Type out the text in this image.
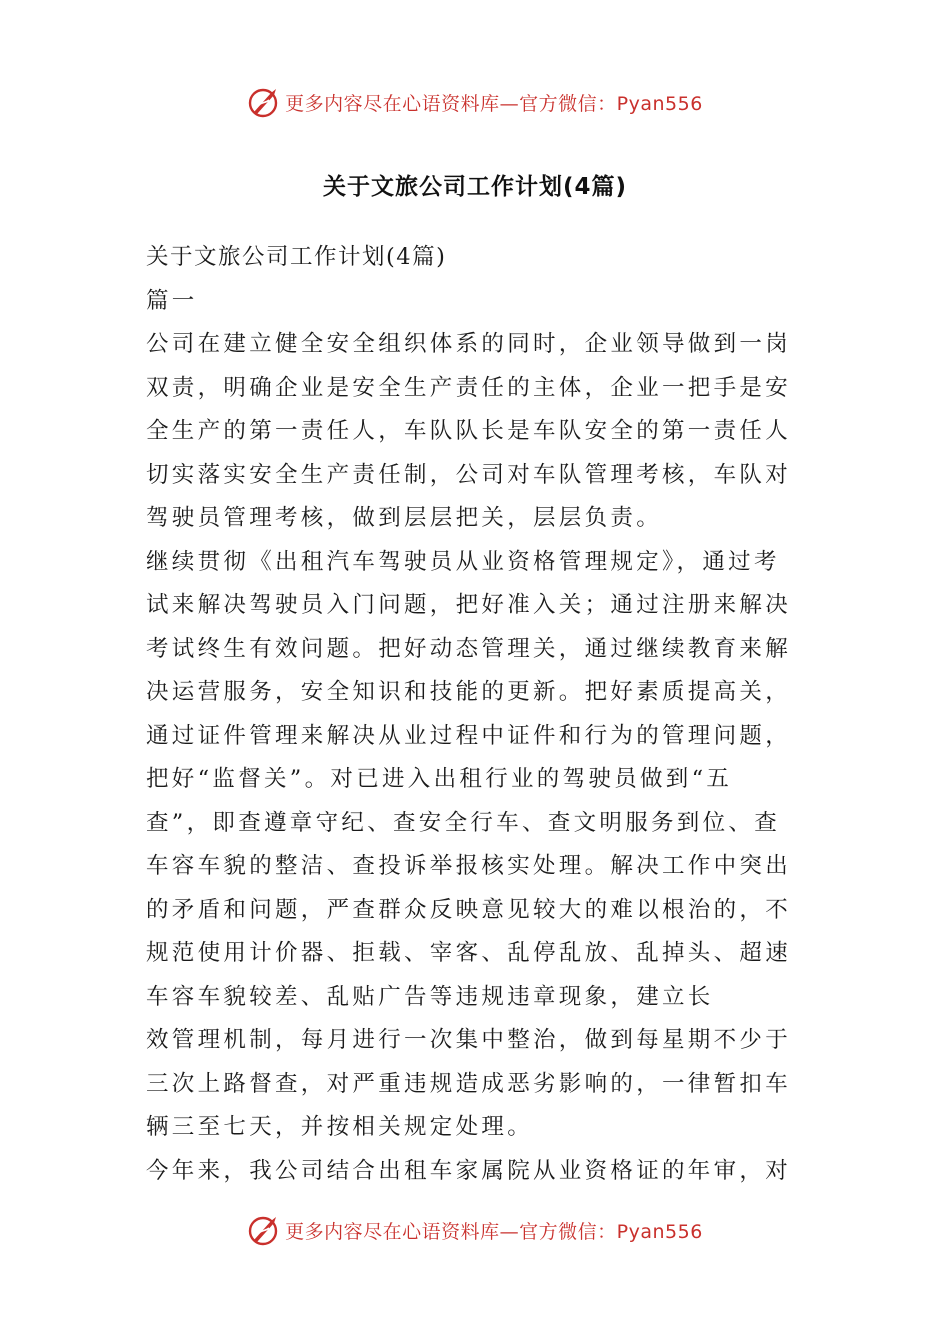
更多内容尽在心语资料库—官方微信：Pyan556
关于文旅公司工作计划(4篇)

关于文旅公司工作计划(4篇)

篇一

公司在建立健全安全组织体系的同时，企业领导做到一岗

双责，明确企业是安全生产责任的主体，企业一把手是安

全生产的第一责任人，车队队长是车队安全的第一责任人

切实落实安全生产责任制，公司对车队管理考核，车队对

驾驶员管理考核，做到层层把关，层层负责。

继续贯彻《出租汽车驾驶员从业资格管理规定》，通过考

试来解决驾驶员入门问题，把好准入关；通过注册来解决

考试终生有效问题。把好动态管理关，通过继续教育来解

决运营服务，安全知识和技能的更新。把好素质提高关，

通过证件管理来解决从业过程中证件和行为的管理问题，

把好“监督关”。对已进入出租行业的驾驶员做到“五

查”，即查遵章守纪、查安全行车、查文明服务到位、查

车容车貌的整洁、查投诉举报核实处理。解决工作中突出

的矛盾和问题，严查群众反映意见较大的难以根治的，不

规范使用计价器、拒载、宰客、乱停乱放、乱掉头、超速

车容车貌较差、乱贴广告等违规违章现象，建立长

效管理机制，每月进行一次集中整治，做到每星期不少于

三次上路督查，对严重违规造成恶劣影响的，一律暂扣车

辆三至七天，并按相关规定处理。

今年来，我公司结合出租车家属院从业资格证的年审，对

更多内容尽在心语资料库—官方微信：Pyan556
